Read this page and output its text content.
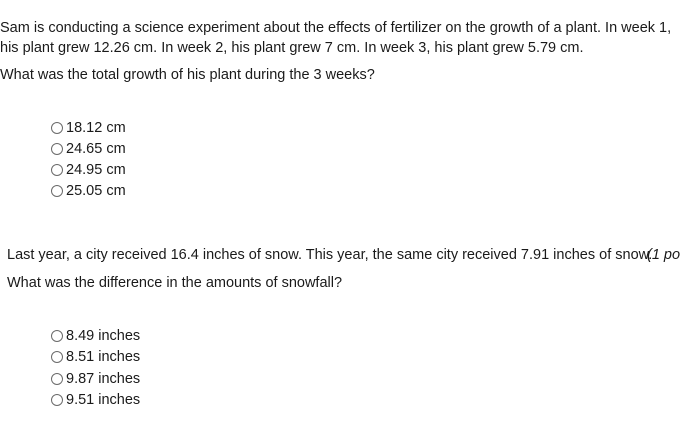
Sam is conducting a science experiment about the effects of fertilizer on the growth of a plant. In week 1,
his plant grew 12.26 cm. In week 2, his plant grew 7 cm. In week 3, his plant grew 5.79 cm.
What was the total growth of his plant during the 3 weeks?
18.12 cm
24.65 cm
24.95 cm
25.05 cm
Last year, a city received 16.4 inches of snow. This year, the same city received 7.91 inches of snow.
(1 po
What was the difference in the amounts of snowfall?
8.49 inches
8.51 inches
9.87 inches
9.51 inches
